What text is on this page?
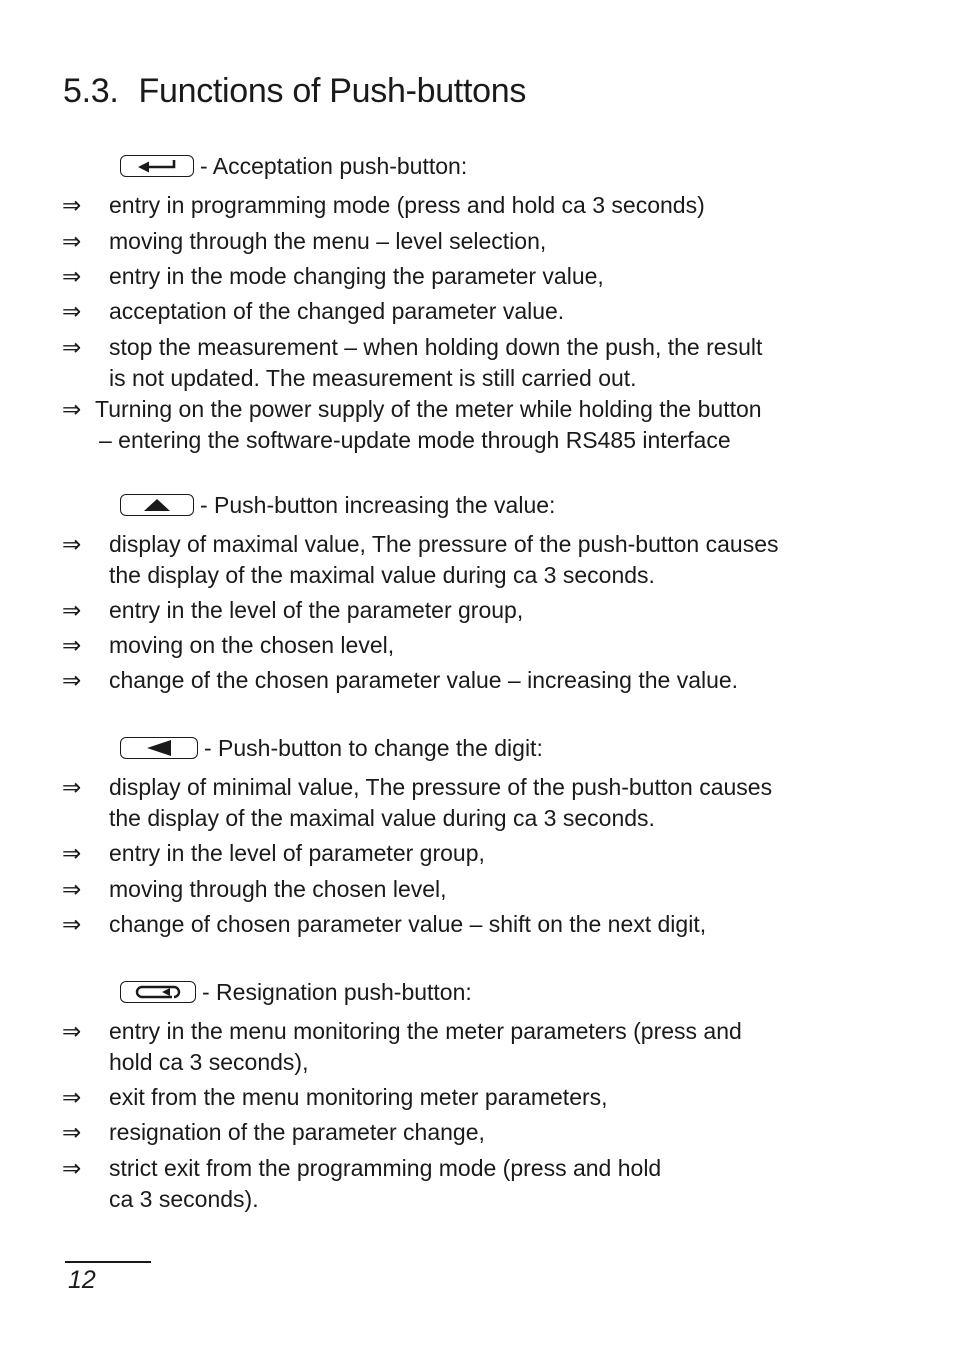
5.3. Functions of Push-buttons
- Acceptation push-button:
⇒	entry in programming mode (press and hold ca 3 seconds)
⇒	moving through the menu – level selection,
⇒	entry in the mode changing the parameter value,
⇒	acceptation of the changed parameter value.
⇒	stop the measurement – when holding down the push, the result
is not updated. The measurement is still carried out.
⇒ Turning on the power supply of the meter while holding the button
– entering the software-update mode through RS485 interface
- Push-button increasing the value:
⇒	display of maximal value, The pressure of the push-button causes
the display of the maximal value during ca 3 seconds.
⇒	entry in the level of the parameter group,
⇒	moving on the chosen level,
⇒	change of the chosen parameter value – increasing the value.
- Push-button to change the digit:
⇒	display of minimal value, The pressure of the push-button causes
the display of the maximal value during ca 3 seconds.
⇒	entry in the level of parameter group,
⇒	moving through the chosen level,
⇒	change of chosen parameter value – shift on the next digit,
- Resignation push-button:
⇒	entry in the menu monitoring the meter parameters (press and
hold ca 3 seconds),
⇒	exit from the menu monitoring meter parameters,
⇒	resignation of the parameter change,
⇒	strict exit from the programming mode (press and hold
ca 3 seconds).
12
